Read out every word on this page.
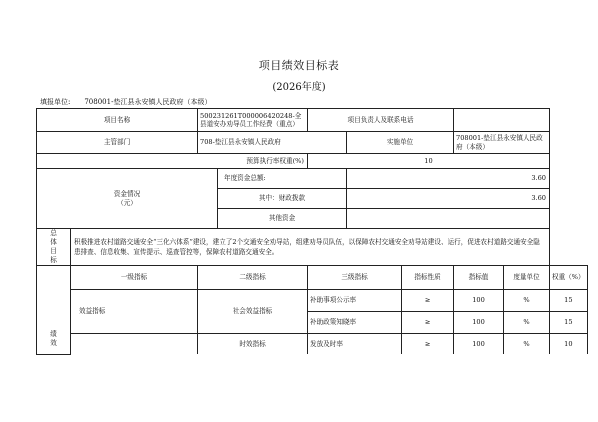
项目绩效目标表
(2026年度)
填报单位:　　708001-垫江县永安镇人民政府（本级）
项目名称		500231261T000006420248-全县道安办劝导员工作经费（重点）		项目负责人及联系电话					
主管部门		708-垫江县永安镇人民政府			实施单位		708001-垫江县永安镇人民政府（本级）		
预算执行率权重(%)				10					

资金情况
（元）			年度资金总额:		3.60				
			其中：财政拨款		3.60				
			其他资金						

总
体
目
标	积极推进农村道路交通安全“三化六体系”建设，建立了2个交通安全劝导站，组建劝导员队伍，以保障农村交通安全劝导站建设、运行，促进农村道路交通安全隐患排查、信息收集、宣传提示、巡查管控等，保障农村道路交通安全。								

绩
效	一级指标	二级指标		三级指标		指标性质	指标值	度量单位	权重（%）
	效益指标	社会效益指标		补助事项公示率		≥	100	%	15
				补助政策知晓率		≥	100	%	15
		时效指标		发放及时率		≥	100	%	10
